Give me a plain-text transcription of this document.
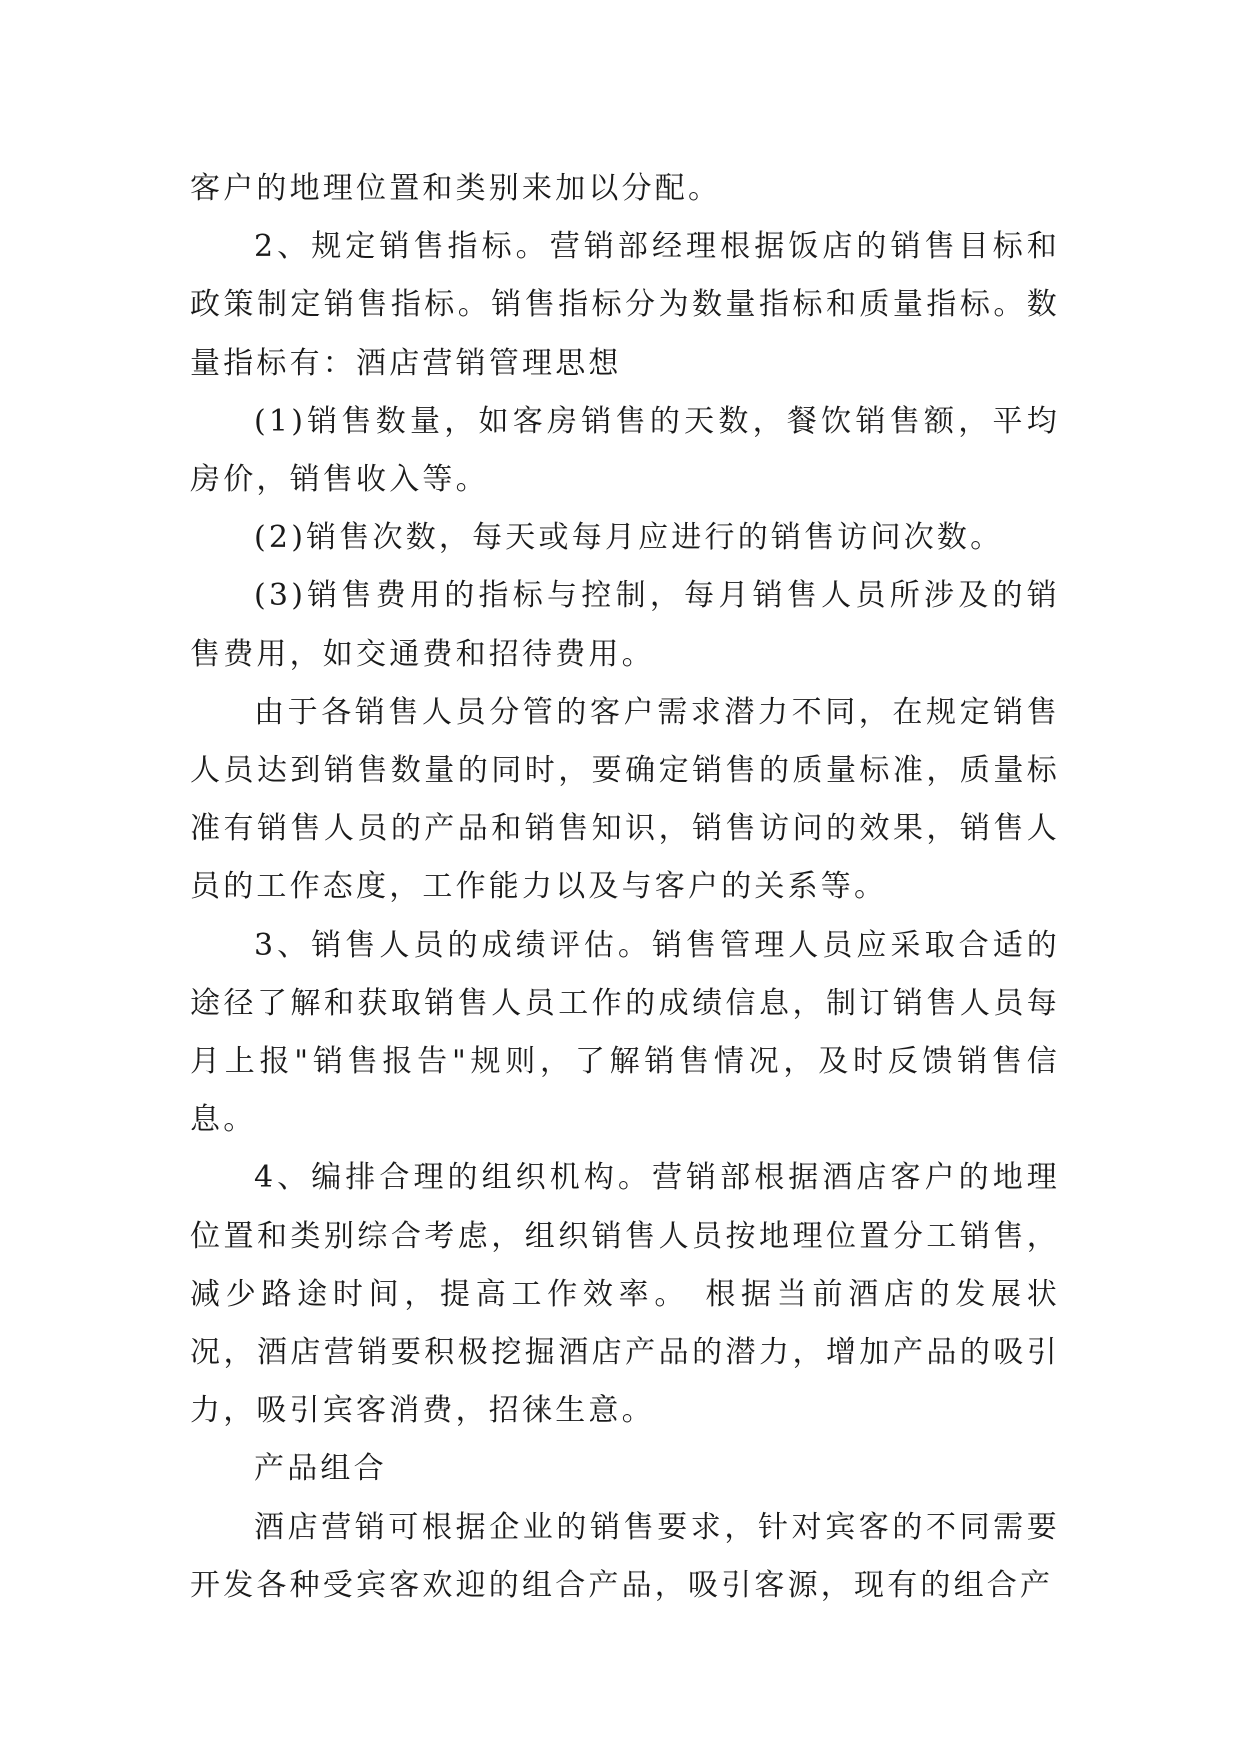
客户的地理位置和类别来加以分配。

2、规定销售指标。营销部经理根据饭店的销售目标和政策制定销售指标。销售指标分为数量指标和质量指标。数量指标有：酒店营销管理思想

(1)销售数量，如客房销售的天数，餐饮销售额，平均房价，销售收入等。

(2)销售次数，每天或每月应进行的销售访问次数。

(3)销售费用的指标与控制，每月销售人员所涉及的销售费用，如交通费和招待费用。

由于各销售人员分管的客户需求潜力不同，在规定销售人员达到销售数量的同时，要确定销售的质量标准，质量标准有销售人员的产品和销售知识，销售访问的效果，销售人员的工作态度，工作能力以及与客户的关系等。

3、销售人员的成绩评估。销售管理人员应采取合适的途径了解和获取销售人员工作的成绩信息，制订销售人员每月上报"销售报告"规则，了解销售情况，及时反馈销售信息。

4、编排合理的组织机构。营销部根据酒店客户的地理位置和类别综合考虑，组织销售人员按地理位置分工销售，减少路途时间，提高工作效率。 根据当前酒店的发展状况，酒店营销要积极挖掘酒店产品的潜力，增加产品的吸引力，吸引宾客消费，招徕生意。

产品组合

酒店营销可根据企业的销售要求，针对宾客的不同需要开发各种受宾客欢迎的组合产品，吸引客源，现有的组合产
